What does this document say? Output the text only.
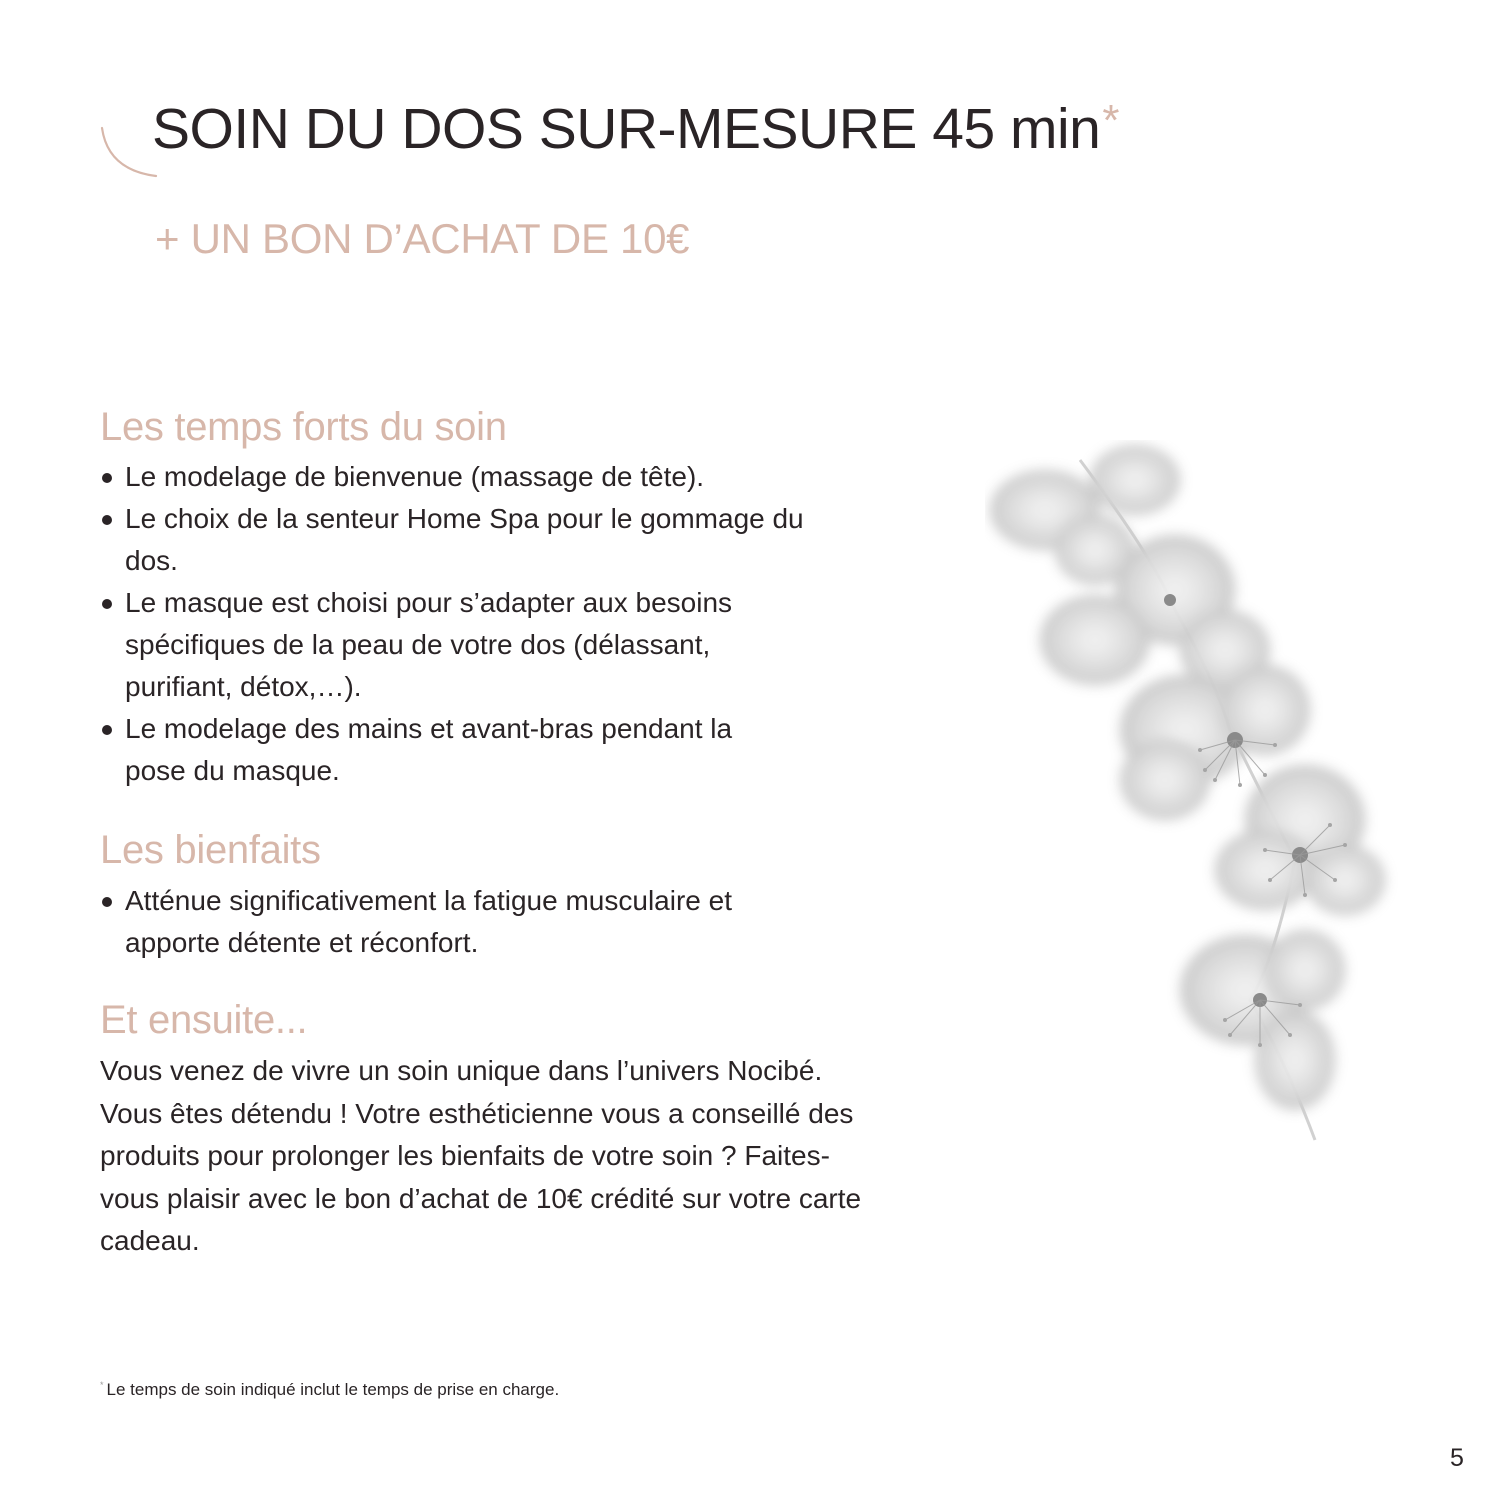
SOIN DU DOS SUR-MESURE 45 min*
+ UN BON D’ACHAT DE 10€
Les temps forts du soin
Le modelage de bienvenue (massage de tête).
Le choix de la senteur Home Spa pour le gommage du dos.
Le masque est choisi pour s’adapter aux besoins spécifiques de la peau de votre dos (délassant, purifiant, détox,…).
Le modelage des mains et avant-bras pendant la pose du masque.
Les bienfaits
Atténue significativement la fatigue musculaire et apporte détente et réconfort.
Et ensuite...

Vous venez de vivre un soin unique dans l’univers Nocibé. Vous êtes détendu ! Votre esthéticienne vous a conseillé des produits pour prolonger les bienfaits de votre soin ? Faites-vous plaisir avec le bon d’achat de 10€ crédité sur votre carte cadeau.

* Le temps de soin indiqué inclut le temps de prise en charge.

5
